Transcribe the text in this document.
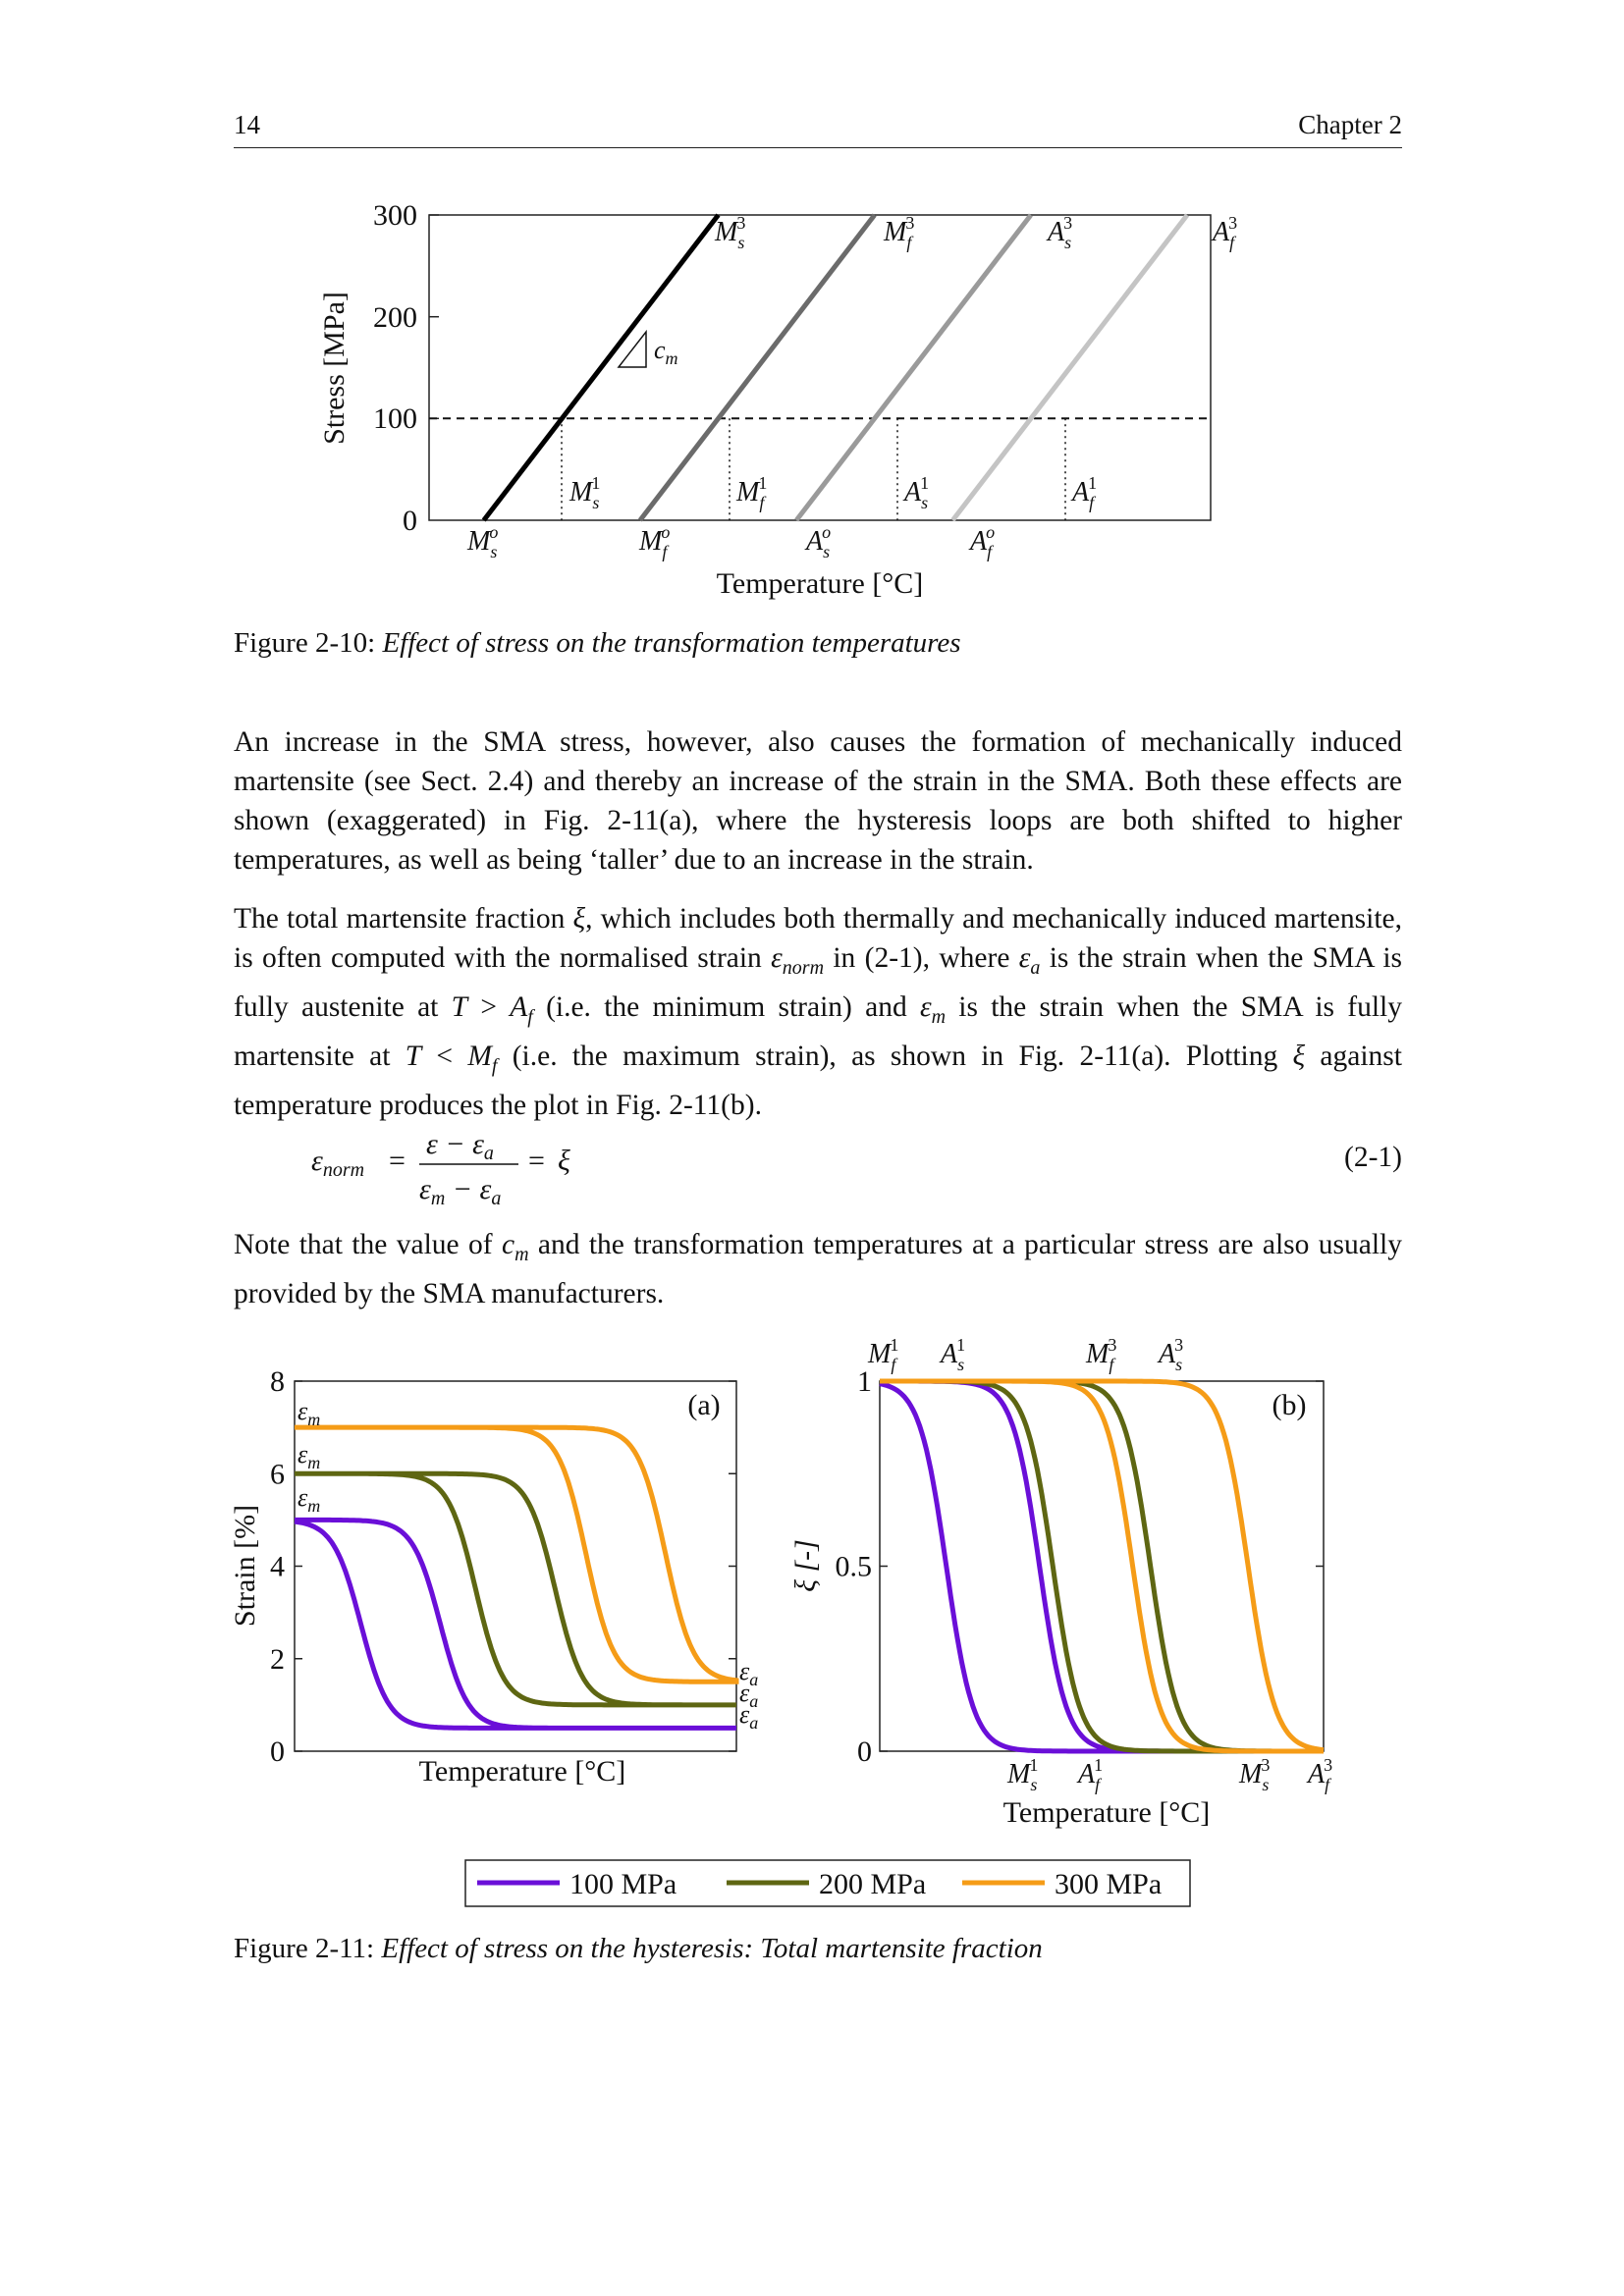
14	Chapter 2
300
200
100
0
Stress [MPa]
Temperature [°C]
$c_m$
$M_s3$	$M_f3$	$A_s3$	$A_f3$
$M_s1$	$M_f1$	$A_s1$	$A_f1$
$M_so$	$M_fo$	$A_so$	$A_fo$
Figure 2-10: Effect of stress on the transformation temperatures

An increase in the SMA stress, however, also causes the formation of mechanically induced martensite (see Sect. 2.4) and thereby an increase of the strain in the SMA. Both these effects are shown (exaggerated) in Fig. 2-11(a), where the hysteresis loops are both shifted to higher temperatures, as well as being ‘taller’ due to an increase in the strain.

The total martensite fraction ξ, which includes both thermally and mechanically induced martensite, is often computed with the normalised strain $\varepsilon_{norm}$ in (2-1), where $\varepsilon_a$ is the strain when the SMA is fully austenite at $T > A_f$ (i.e. the minimum strain) and $\varepsilon_m$ is the strain when the SMA is fully martensite at $T < M_f$ (i.e. the maximum strain), as shown in Fig. 2-11(a). Plotting ξ against temperature produces the plot in Fig. 2-11(b).

$\varepsilon_{norm}$ =
$\varepsilon - \varepsilon_a$
$\varepsilon_m - \varepsilon_a$
= ξ	(2-1)

Note that the value of $c_m$ and the transformation temperatures at a particular stress are also usually provided by the SMA manufacturers.

0
2
4
6
8
Strain [%]
Temperature [°C]
(a)
$\varepsilon_m$
$\varepsilon_m$
$\varepsilon_m$
$\varepsilon_a$
$\varepsilon_a$
$\varepsilon_a$
0
0.5
1
ξ [-]
Temperature [°C]
(b)
$M_f1$ $A_s1$	$M_f3$ $A_s3$
$M_s1$ $A_f1$	$M_s3$ $A_f3$
100 MPa	200 MPa	300 MPa
Figure 2-11: Effect of stress on the hysteresis: Total martensite fraction
